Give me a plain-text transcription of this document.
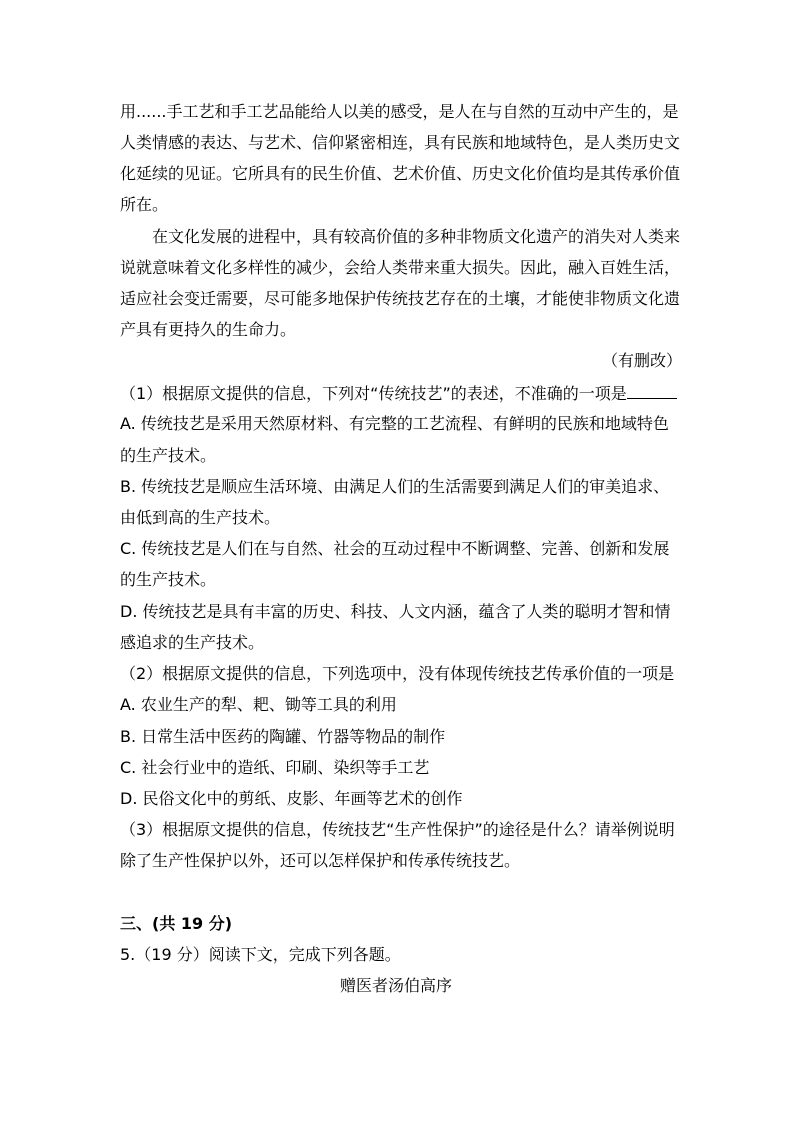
用......手工艺和手工艺品能给人以美的感受，是人在与自然的互动中产生的，是
人类情感的表达、与艺术、信仰紧密相连，具有民族和地域特色，是人类历史文
化延续的见证。它所具有的民生价值、艺术价值、历史文化价值均是其传承价值
所在。
在文化发展的进程中，具有较高价值的多种非物质文化遗产的消失对人类来
说就意味着文化多样性的减少，会给人类带来重大损失。因此，融入百姓生活，
适应社会变迁需要，尽可能多地保护传统技艺存在的土壤，才能使非物质文化遗
产具有更持久的生命力。
（有删改）
（1）根据原文提供的信息，下列对“传统技艺”的表述，不准确的一项是
A. 传统技艺是采用天然原材料、有完整的工艺流程、有鲜明的民族和地域特色
的生产技术。
B. 传统技艺是顺应生活环境、由满足人们的生活需要到满足人们的审美追求、
由低到高的生产技术。
C. 传统技艺是人们在与自然、社会的互动过程中不断调整、完善、创新和发展
的生产技术。
D. 传统技艺是具有丰富的历史、科技、人文内涵，蕴含了人类的聪明才智和情
感追求的生产技术。
（2）根据原文提供的信息，下列选项中，没有体现传统技艺传承价值的一项是
A. 农业生产的犁、耙、锄等工具的利用
B. 日常生活中医药的陶罐、竹器等物品的制作
C. 社会行业中的造纸、印刷、染织等手工艺
D. 民俗文化中的剪纸、皮影、年画等艺术的创作
（3）根据原文提供的信息，传统技艺“生产性保护”的途径是什么？请举例说明
除了生产性保护以外，还可以怎样保护和传承传统技艺。
三、(共 19 分)
5.（19 分）阅读下文，完成下列各题。
赠医者汤伯高序
